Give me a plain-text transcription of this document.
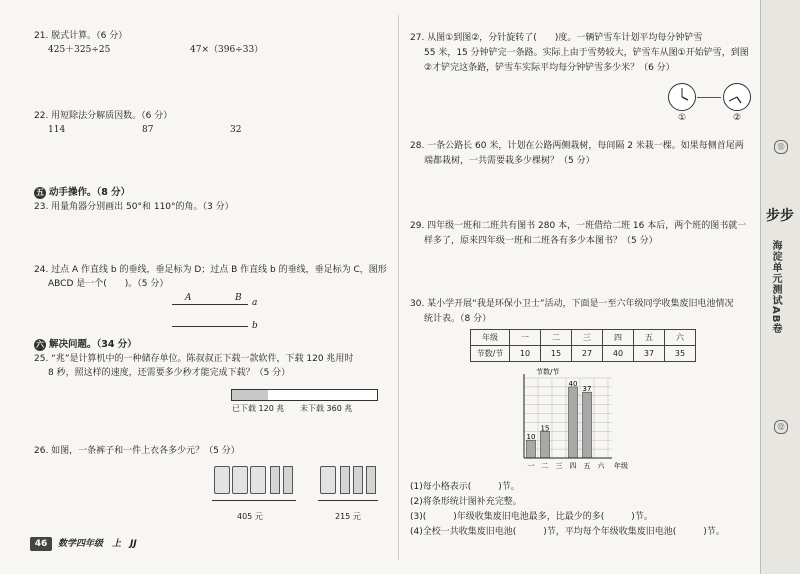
21. 脱式计算。（6 分）
425＋325÷25	47×（396÷33）
22. 用短除法分解质因数。（6 分）
114	87	32
五 动手操作。（8 分）
23. 用量角器分别画出 50°和 110°的角。（3 分）
24. 过点 A 作直线 b 的垂线，垂足标为 D；过点 B 作直线 b 的垂线，垂足标为 C，图形
ABCD 是一个(　　)。（5 分）
A	B a
b
六 解决问题。（34 分）
25. “兆”是计算机中的一种储存单位。陈叔叔正下载一款软件，下载 120 兆用时
8 秒，照这样的速度，还需要多少秒才能完成下载？（5 分）
已下载 120 兆 未下载 360 兆
26. 如图，一条裤子和一件上衣各多少元？（5 分）
405 元	215 元
46	数学四年级　上　JJ
27. 从图①到图②，分针旋转了(　　)度。一辆铲雪车计划平均每分钟铲雪
55 米，15 分钟铲完一条路。实际上由于雪势较大，铲雪车从图①开始铲雪，到图
②才铲完这条路，铲雪车实际平均每分钟铲雪多少米？（6 分）
①	②
28. 一条公路长 60 米，计划在公路两侧栽树，每间隔 2 米栽一棵。如果每侧首尾两
端都栽树，一共需要栽多少棵树？（5 分）
29. 四年级一班和二班共有图书 280 本，一班借给二班 16 本后，两个班的图书就一
样多了，原来四年级一班和二班各有多少本图书？（5 分）
30. 某小学开展“我是环保小卫士”活动，下面是一至六年级同学收集废旧电池情况
统计表。（8 分）
年级	一	二	三	四	五	六
节数/节	10	15	27	40	37	35
10
15
40
37
一 二 三 四 五 六
节数/节
年级
(1)每小格表示(　　　)节。
(2)将条形统计图补充完整。
(3)(　　　)年级收集废旧电池最多，比最少的多(　　　)节。
(4)全校一共收集废旧电池(　　　)节，平均每个年级收集废旧电池(　　　)节。
⑪
步步
海淀单元测试AB卷
⑫
